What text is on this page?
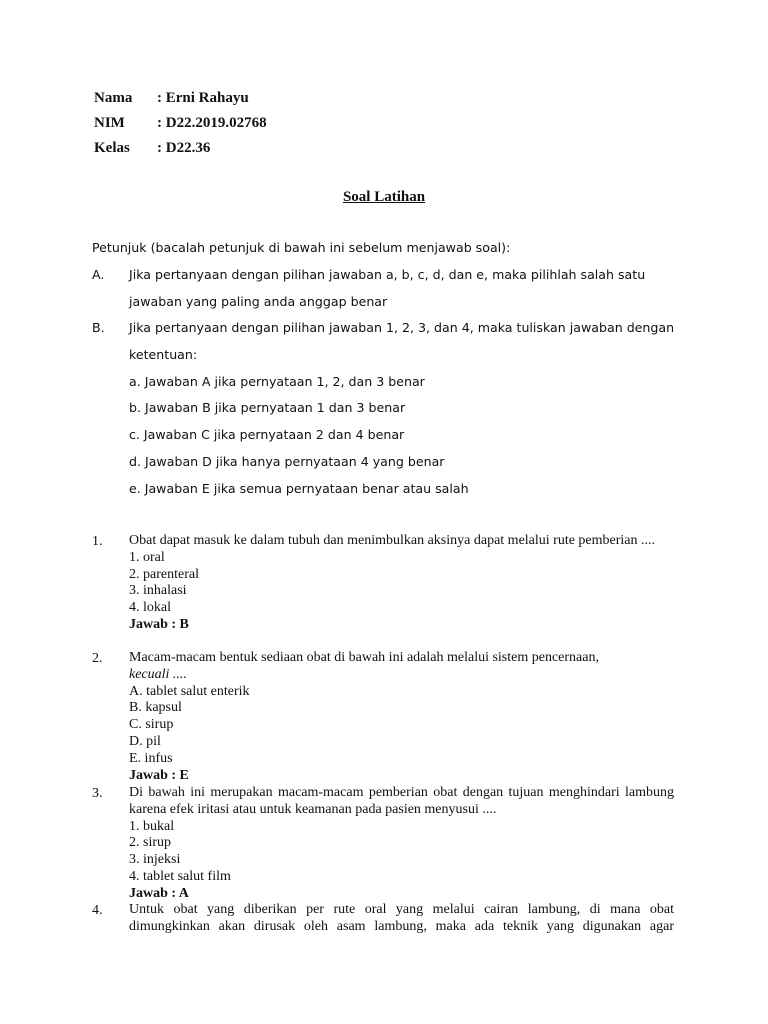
Nama : Erni Rahayu
NIM : D22.2019.02768
Kelas : D22.36
Soal Latihan
Petunjuk (bacalah petunjuk di bawah ini sebelum menjawab soal):
A. Jika pertanyaan dengan pilihan jawaban a, b, c, d, dan e, maka pilihlah salah satu
jawaban yang paling anda anggap benar
B. Jika pertanyaan dengan pilihan jawaban 1, 2, 3, dan 4, maka tuliskan jawaban dengan
ketentuan:
a. Jawaban A jika pernyataan 1, 2, dan 3 benar
b. Jawaban B jika pernyataan 1 dan 3 benar
c. Jawaban C jika pernyataan 2 dan 4 benar
d. Jawaban D jika hanya pernyataan 4 yang benar
e. Jawaban E jika semua pernyataan benar atau salah
1. Obat dapat masuk ke dalam tubuh dan menimbulkan aksinya dapat melalui rute pemberian ....

1. oral

2. parenteral

3. inhalasi

4. lokal

Jawab : B

2. Macam-macam bentuk sediaan obat di bawah ini adalah melalui sistem pencernaan,

kecuali ....

A. tablet salut enterik

B. kapsul

C. sirup

D. pil

E. infus

Jawab : E

3. Di bawah ini merupakan macam-macam pemberian obat dengan tujuan menghindari lambung karena efek iritasi atau untuk keamanan pada pasien menyusui ....

1. bukal

2. sirup

3. injeksi

4. tablet salut film

Jawab : A

4. Untuk obat yang diberikan per rute oral yang melalui cairan lambung, di mana obat dimungkinkan akan dirusak oleh asam lambung, maka ada teknik yang digunakan agar
